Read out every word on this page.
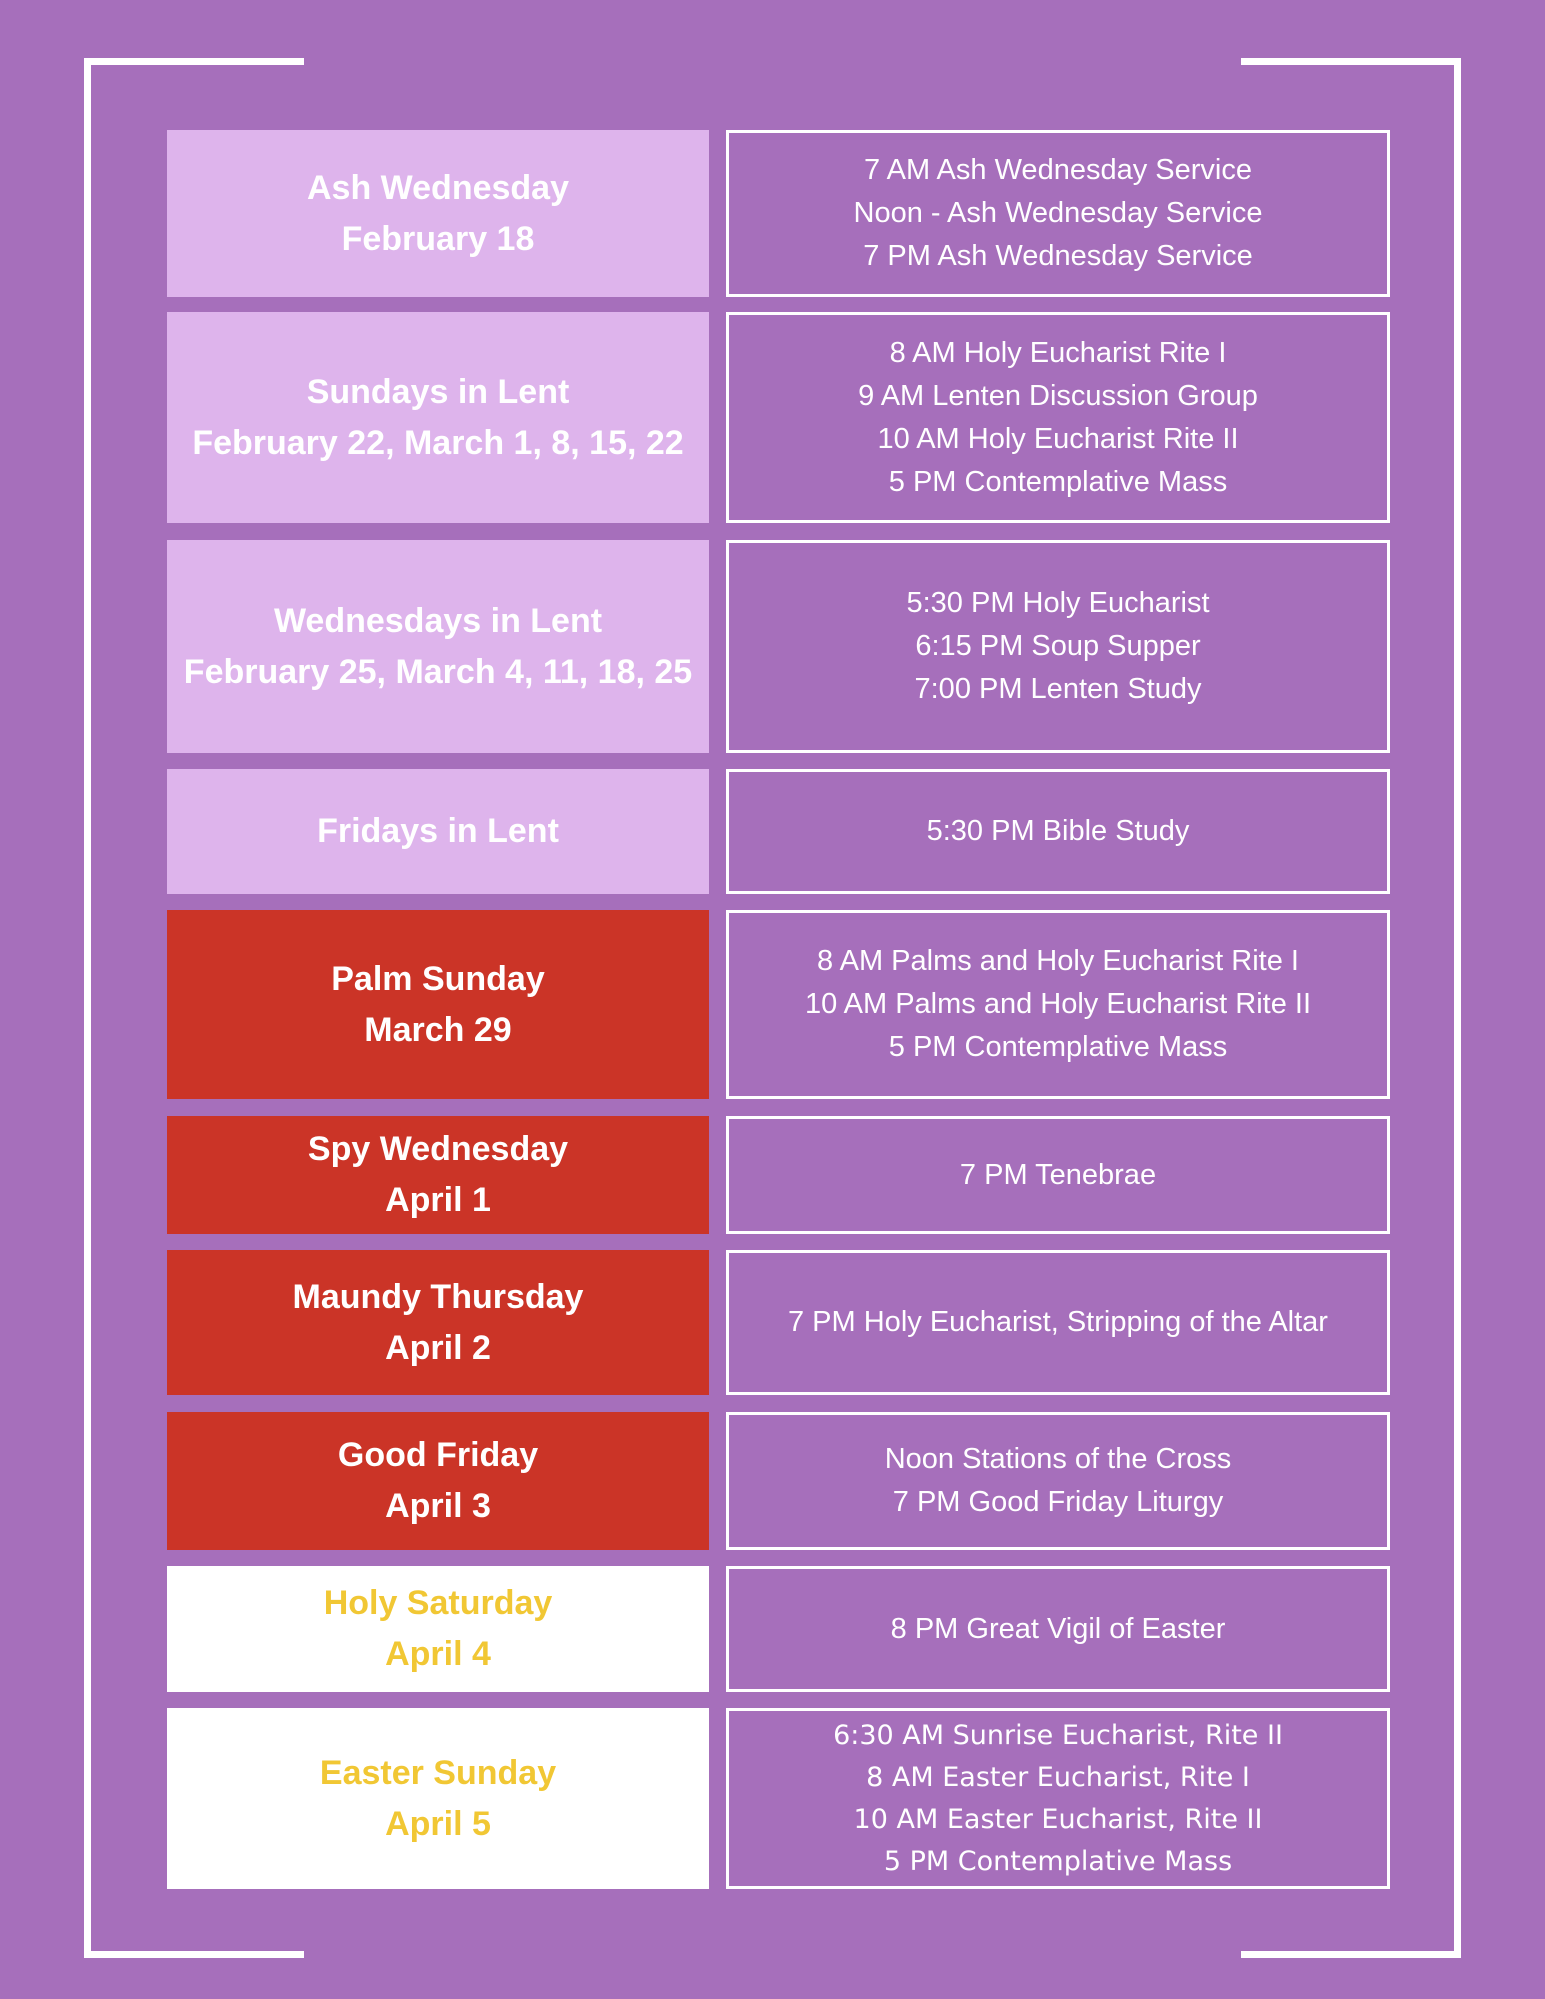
Ash Wednesday
February 18
7 AM Ash Wednesday Service
Noon - Ash Wednesday Service
7 PM Ash Wednesday Service
Sundays in Lent
February 22, March 1, 8, 15, 22
8 AM Holy Eucharist Rite I
9 AM Lenten Discussion Group
10 AM Holy Eucharist Rite II
5 PM Contemplative Mass
Wednesdays in Lent
February 25, March 4, 11, 18, 25
5:30 PM Holy Eucharist
6:15 PM Soup Supper
7:00 PM Lenten Study
Fridays in Lent	5:30 PM Bible Study
Palm Sunday
March 29
8 AM Palms and Holy Eucharist Rite I
10 AM Palms and Holy Eucharist Rite II
5 PM Contemplative Mass
Spy Wednesday
April 1
7 PM Tenebrae
Maundy Thursday
April 2
7 PM Holy Eucharist, Stripping of the Altar
Good Friday
April 3
Noon Stations of the Cross
7 PM Good Friday Liturgy
Holy Saturday
April 4
8 PM Great Vigil of Easter
Easter Sunday
April 5
6:30 AM Sunrise Eucharist, Rite II
8 AM Easter Eucharist, Rite I
10 AM Easter Eucharist, Rite II
5 PM Contemplative Mass
